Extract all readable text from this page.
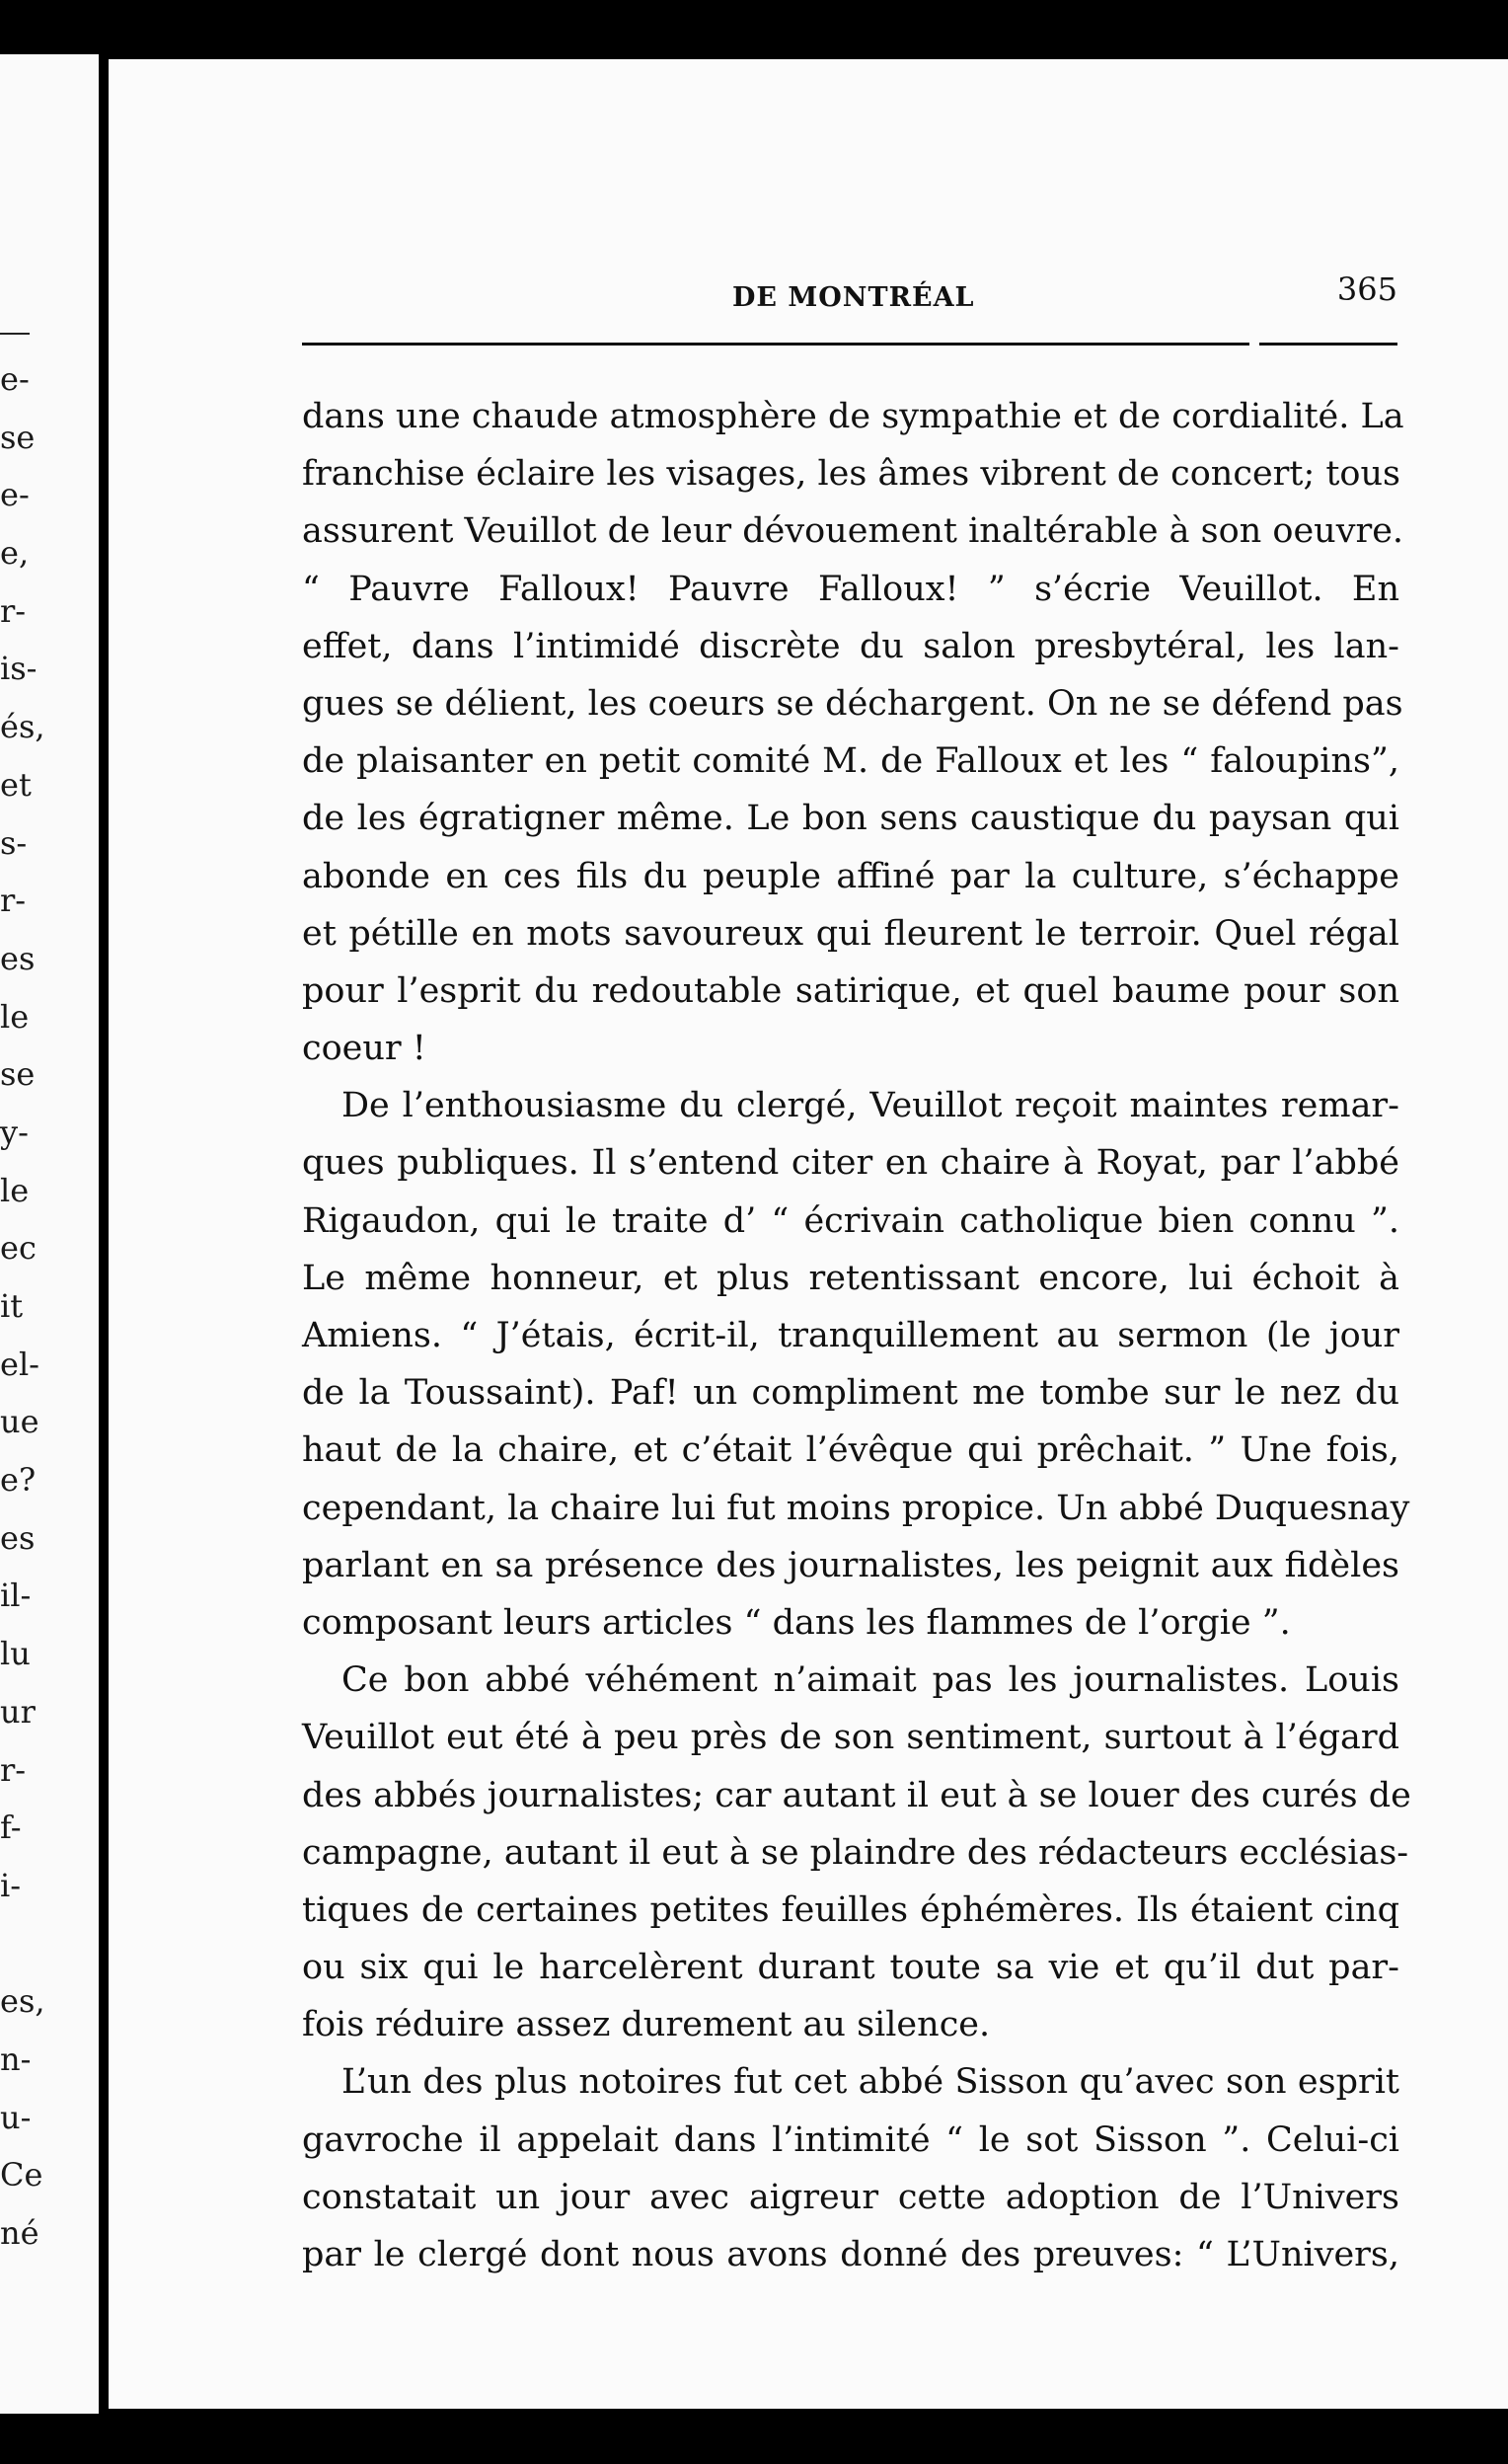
e-
se
e-
e,
r-
is-
és,
et
s-
r-
es
le
se
y-
le
ec
it
el-
ue
e?
es
il-
lu
ur
r-
f-
i-
es,
n-
u-
Ce
né
DE MONTRÉAL	365
dans une chaude atmosphère de sympathie et de cordialité. La
franchise éclaire les visages, les âmes vibrent de concert; tous
assurent Veuillot de leur dévouement inaltérable à son oeuvre.
“ Pauvre Falloux! Pauvre Falloux! ” s’écrie Veuillot. En
effet, dans l’intimidé discrète du salon presbytéral, les lan-
gues se délient, les coeurs se déchargent. On ne se défend pas
de plaisanter en petit comité M. de Falloux et les “ faloupins”,
de les égratigner même. Le bon sens caustique du paysan qui
abonde en ces fils du peuple affiné par la culture, s’échappe
et pétille en mots savoureux qui fleurent le terroir. Quel régal
pour l’esprit du redoutable satirique, et quel baume pour son
coeur !
De l’enthousiasme du clergé, Veuillot reçoit maintes remar-
ques publiques. Il s’entend citer en chaire à Royat, par l’abbé
Rigaudon, qui le traite d’ “ écrivain catholique bien connu ”.
Le même honneur, et plus retentissant encore, lui échoit à
Amiens. “ J’étais, écrit-il, tranquillement au sermon (le jour
de la Toussaint). Paf! un compliment me tombe sur le nez du
haut de la chaire, et c’était l’évêque qui prêchait. ” Une fois,
cependant, la chaire lui fut moins propice. Un abbé Duquesnay
parlant en sa présence des journalistes, les peignit aux fidèles
composant leurs articles “ dans les flammes de l’orgie ”.
Ce bon abbé véhément n’aimait pas les journalistes. Louis
Veuillot eut été à peu près de son sentiment, surtout à l’égard
des abbés journalistes; car autant il eut à se louer des curés de
campagne, autant il eut à se plaindre des rédacteurs ecclésias-
tiques de certaines petites feuilles éphémères. Ils étaient cinq
ou six qui le harcelèrent durant toute sa vie et qu’il dut par-
fois réduire assez durement au silence.
L’un des plus notoires fut cet abbé Sisson qu’avec son esprit
gavroche il appelait dans l’intimité “ le sot Sisson ”. Celui-ci
constatait un jour avec aigreur cette adoption de l’Univers
par le clergé dont nous avons donné des preuves: “ L’Univers,
